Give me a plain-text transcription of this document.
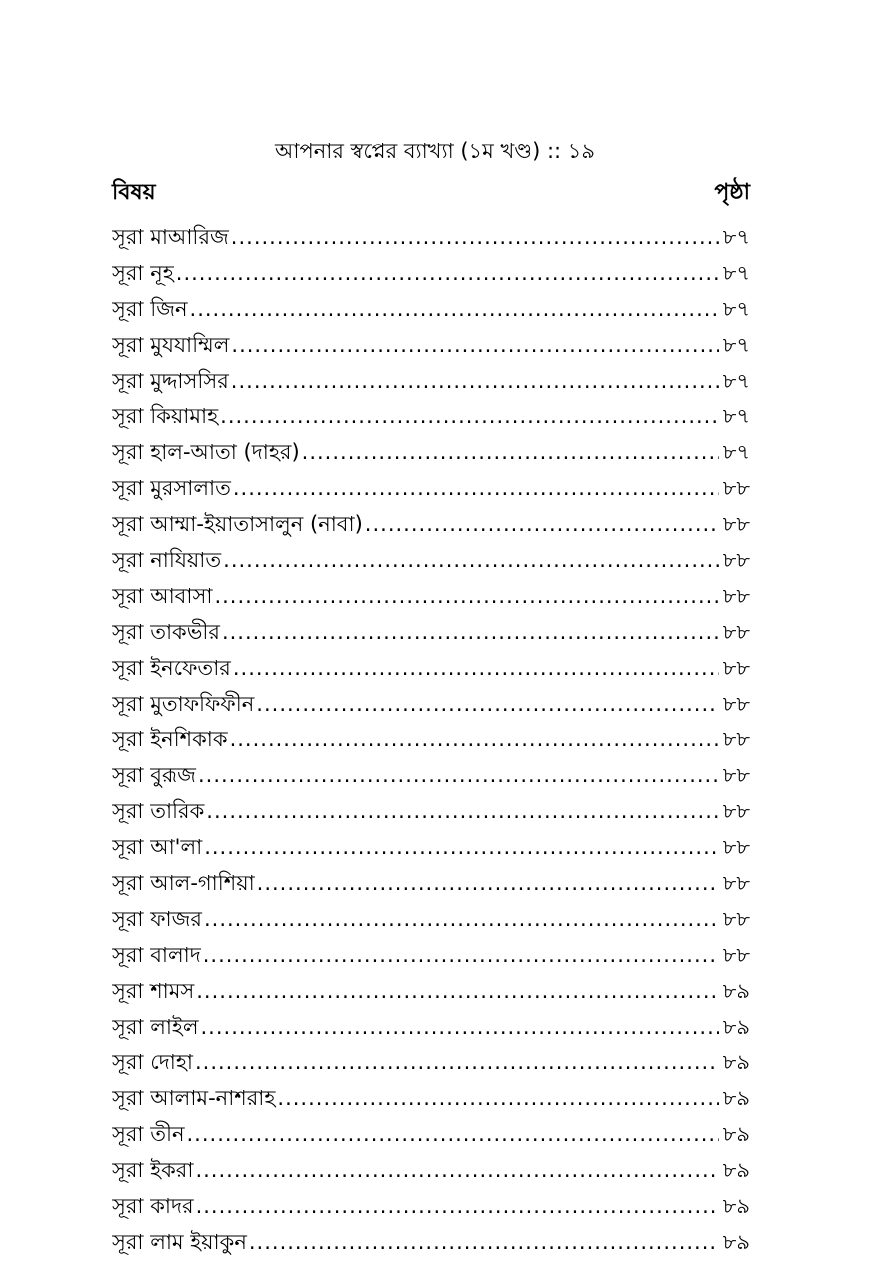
আপনার স্বপ্নের ব্যাখ্যা (১ম খণ্ড) :: ১৯
বিষয়	পৃষ্ঠা
সূরা মাআরিজ .....	৮৭
সূরা নূহ .....	৮৭
সূরা জিন .....	৮৭
সূরা মুযযাম্মিল .....	৮৭
সূরা মুদ্দাসসির .....	৮৭
সূরা কিয়ামাহ .....	৮৭
সূরা হাল-আতা (দাহর) .....	৮৭
সূরা মুরসালাত .....	৮৮
সূরা আম্মা-ইয়াতাসালুন (নাবা) .....	৮৮
সূরা নাযিয়াত .....	৮৮
সূরা আবাসা .....	৮৮
সূরা তাকভীর .....	৮৮
সূরা ইনফেতার .....	৮৮
সূরা মুতাফফিফীন .....	৮৮
সূরা ইনশিকাক .....	৮৮
সূরা বুরূজ .....	৮৮
সূরা তারিক .....	৮৮
সূরা আ'লা .....	৮৮
সূরা আল-গাশিয়া .....	৮৮
সূরা ফাজর .....	৮৮
সূরা বালাদ .....	৮৮
সূরা শামস .....	৮৯
সূরা লাইল .....	৮৯
সূরা দোহা .....	৮৯
সূরা আলাম-নাশরাহ .....	৮৯
সূরা তীন .....	৮৯
সূরা ইকরা .....	৮৯
সূরা কাদর .....	৮৯
সূরা লাম ইয়াকুন .....	৮৯
